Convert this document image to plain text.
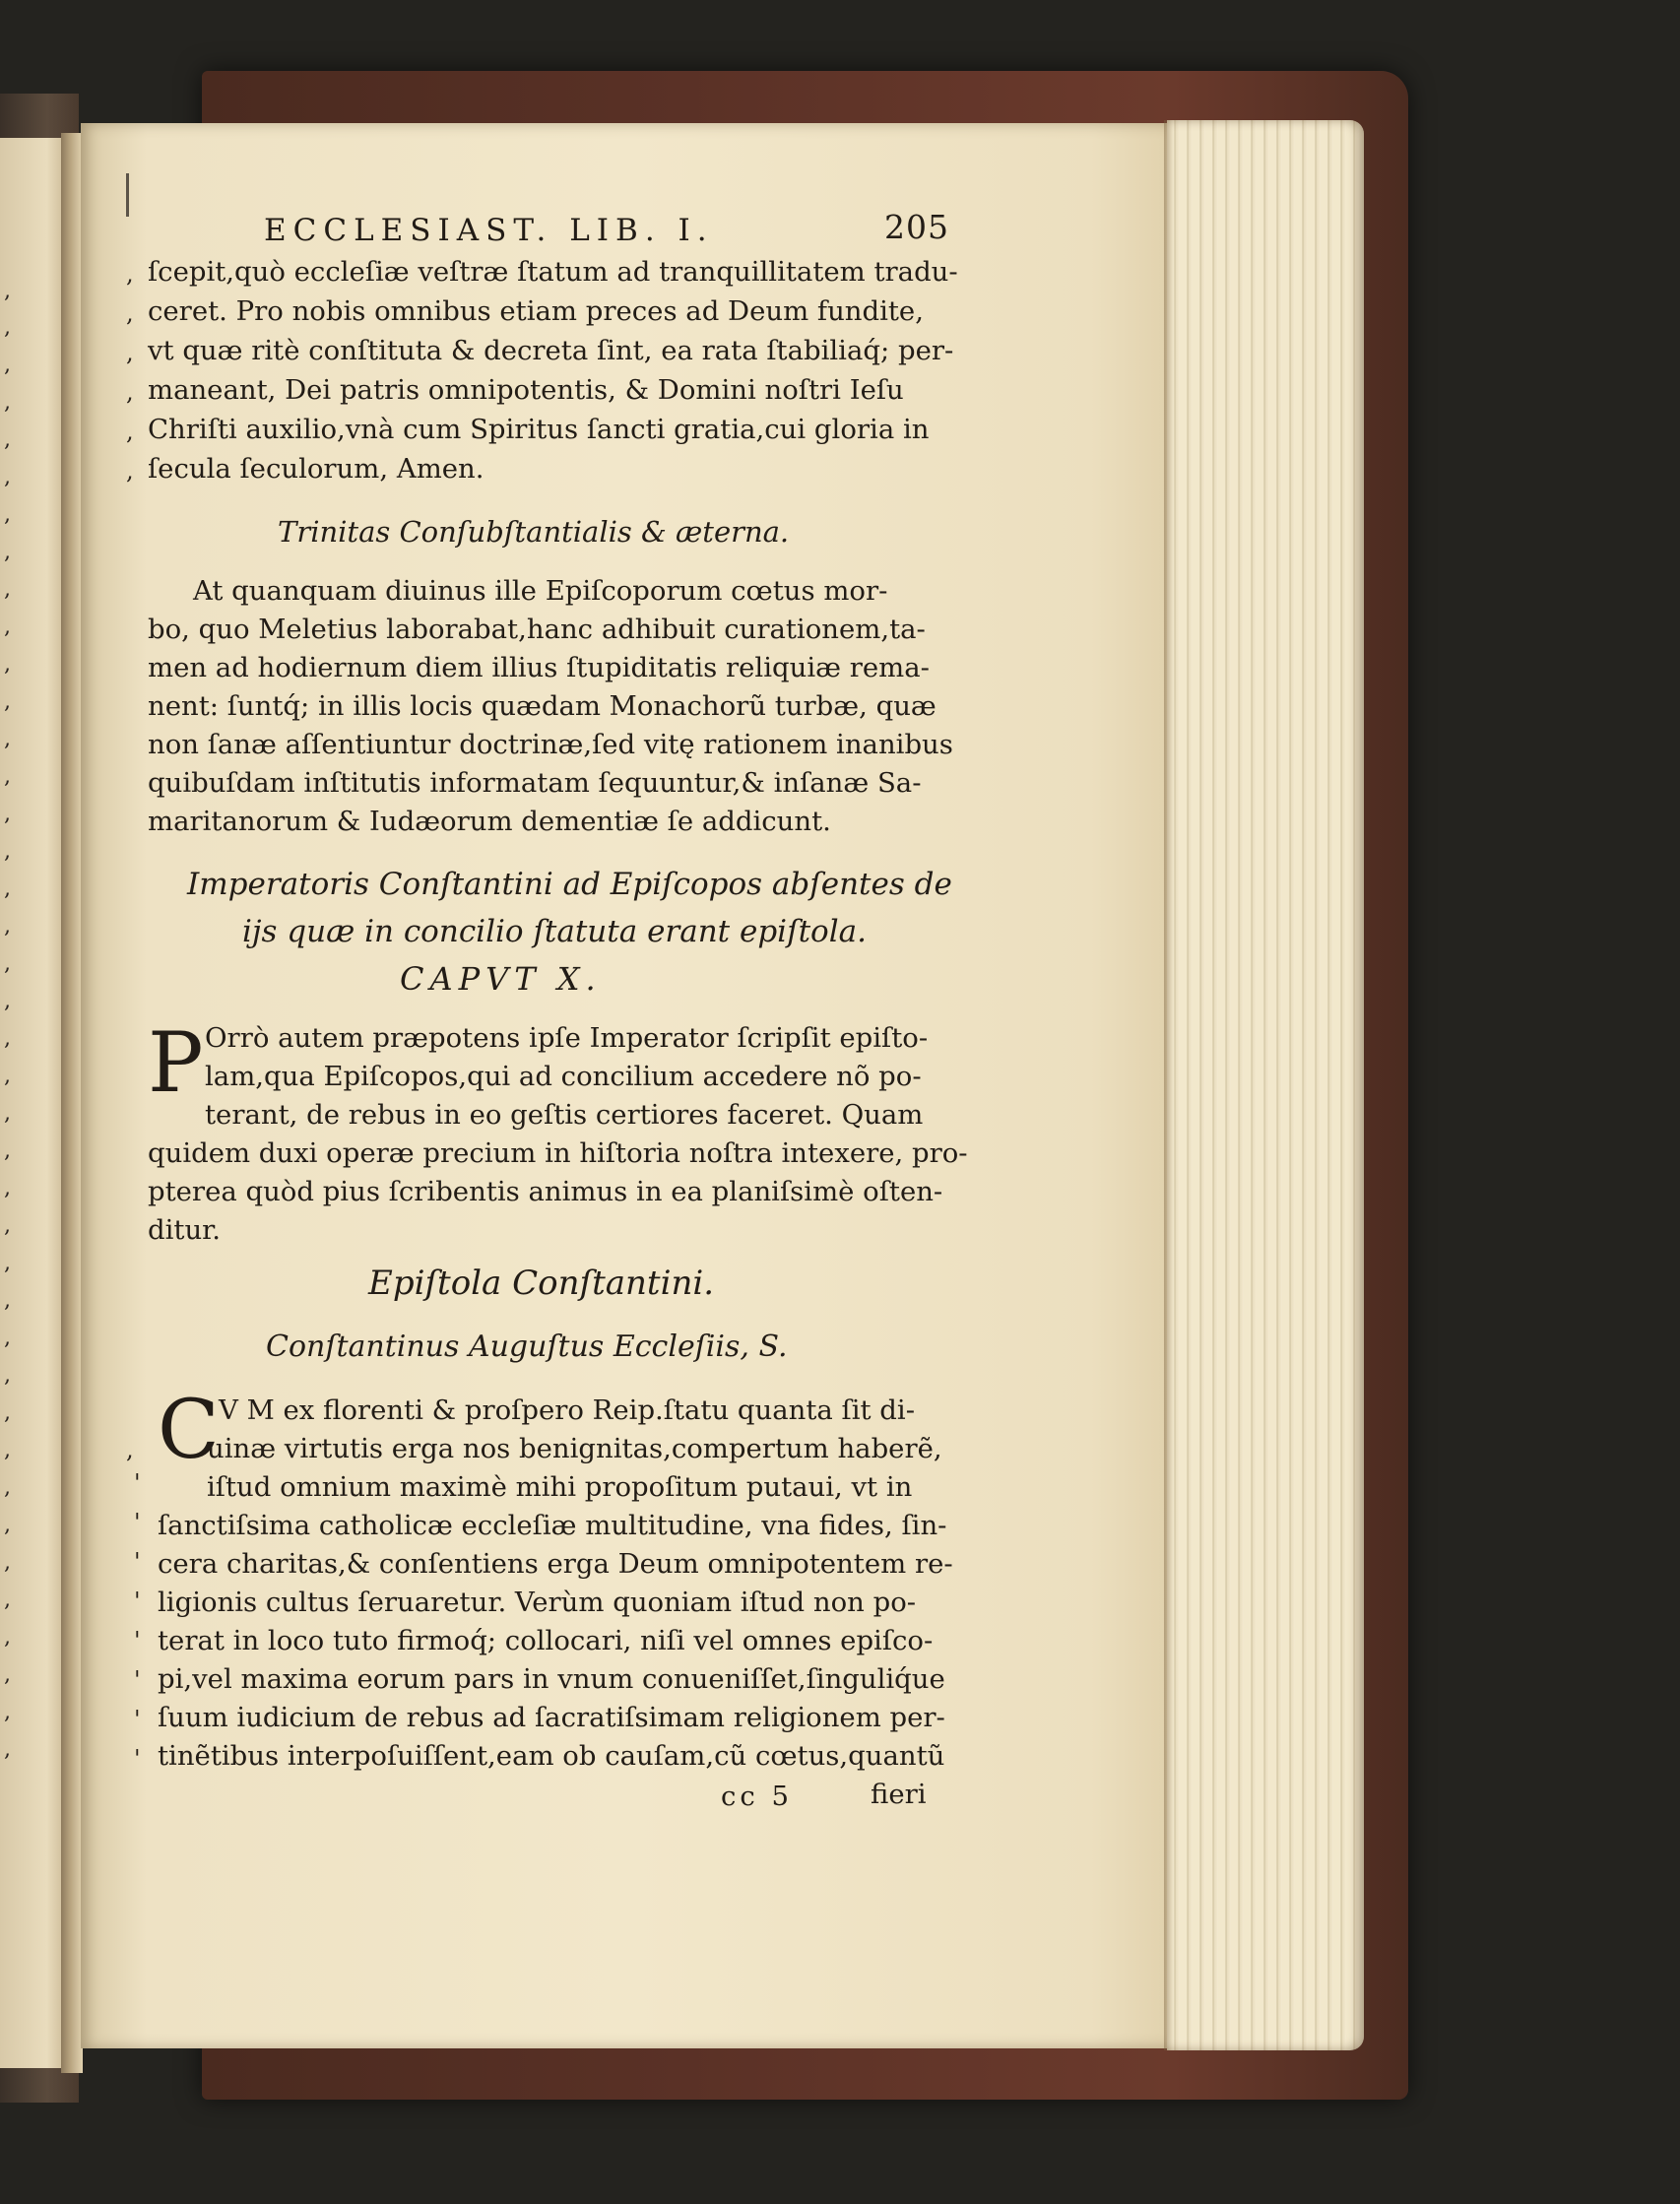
,
,
,
,
,
,
,
,
,
,
,
,
,
,
,
,
,
,
,
,
,
,
,
,
,
,
,
,
,
,
,
,
,
,
,
,
,
,
,
,
ECCLESIAST. LIB. I.	205
,
,
,
,
,
,
ſcepit,quò eccleſiæ veſtræ ſtatum ad tranquillitatem tradu-
ceret. Pro nobis omnibus etiam preces ad Deum fundite,
vt quæ ritè conſtituta & decreta ſint, ea rata ſtabiliaq́; per-
maneant, Dei patris omnipotentis, & Domini noſtri Ieſu
Chriſti auxilio,vnà cum Spiritus ſancti gratia,cui gloria in
ſecula ſeculorum, Amen.
Trinitas Conſubſtantialis & æterna.
At quanquam diuinus ille Epiſcoporum cœtus mor-
bo, quo Meletius laborabat,hanc adhibuit curationem,ta-
men ad hodiernum diem illius ſtupiditatis reliquiæ rema-
nent: ſuntq́; in illis locis quædam Monachorũ turbæ, quæ
non ſanæ aſſentiuntur doctrinæ,ſed vitę rationem inanibus
quibuſdam inſtitutis informatam ſequuntur,& inſanæ Sa-
maritanorum & Iudæorum dementiæ ſe addicunt.
Imperatoris Conſtantini ad Epiſcopos abſentes de
ijs quæ in concilio ſtatuta erant epiſtola.
CAPVT X.
P Orrò autem præpotens ipſe Imperator ſcripſit epiſto-
lam,qua Epiſcopos,qui ad concilium accedere nõ po-
terant, de rebus in eo geſtis certiores faceret. Quam
quidem duxi operæ precium in hiſtoria noſtra intexere, pro-
pterea quòd pius ſcribentis animus in ea planiſsimè oſten-
ditur.
Epiſtola Conſtantini.
Conſtantinus Auguſtus Eccleſiis, S.
,
'
'
'
'
'
'
'
'
C V M ex florenti & proſpero Reip.ſtatu quanta ſit di-
uinæ virtutis erga nos benignitas,compertum haberẽ,
iſtud omnium maximè mihi propoſitum putaui, vt in
ſanctiſsima catholicæ eccleſiæ multitudine, vna fides, ſin-
cera charitas,& conſentiens erga Deum omnipotentem re-
ligionis cultus ſeruaretur. Verùm quoniam iſtud non po-
terat in loco tuto firmoq́; collocari, niſi vel omnes epiſco-
pi,vel maxima eorum pars in vnum conueniſſet,ſinguliq́ue
ſuum iudicium de rebus ad ſacratiſsimam religionem per-
tinẽtibus interpoſuiſſent,eam ob cauſam,cũ cœtus,quantũ
cc 5	fieri
